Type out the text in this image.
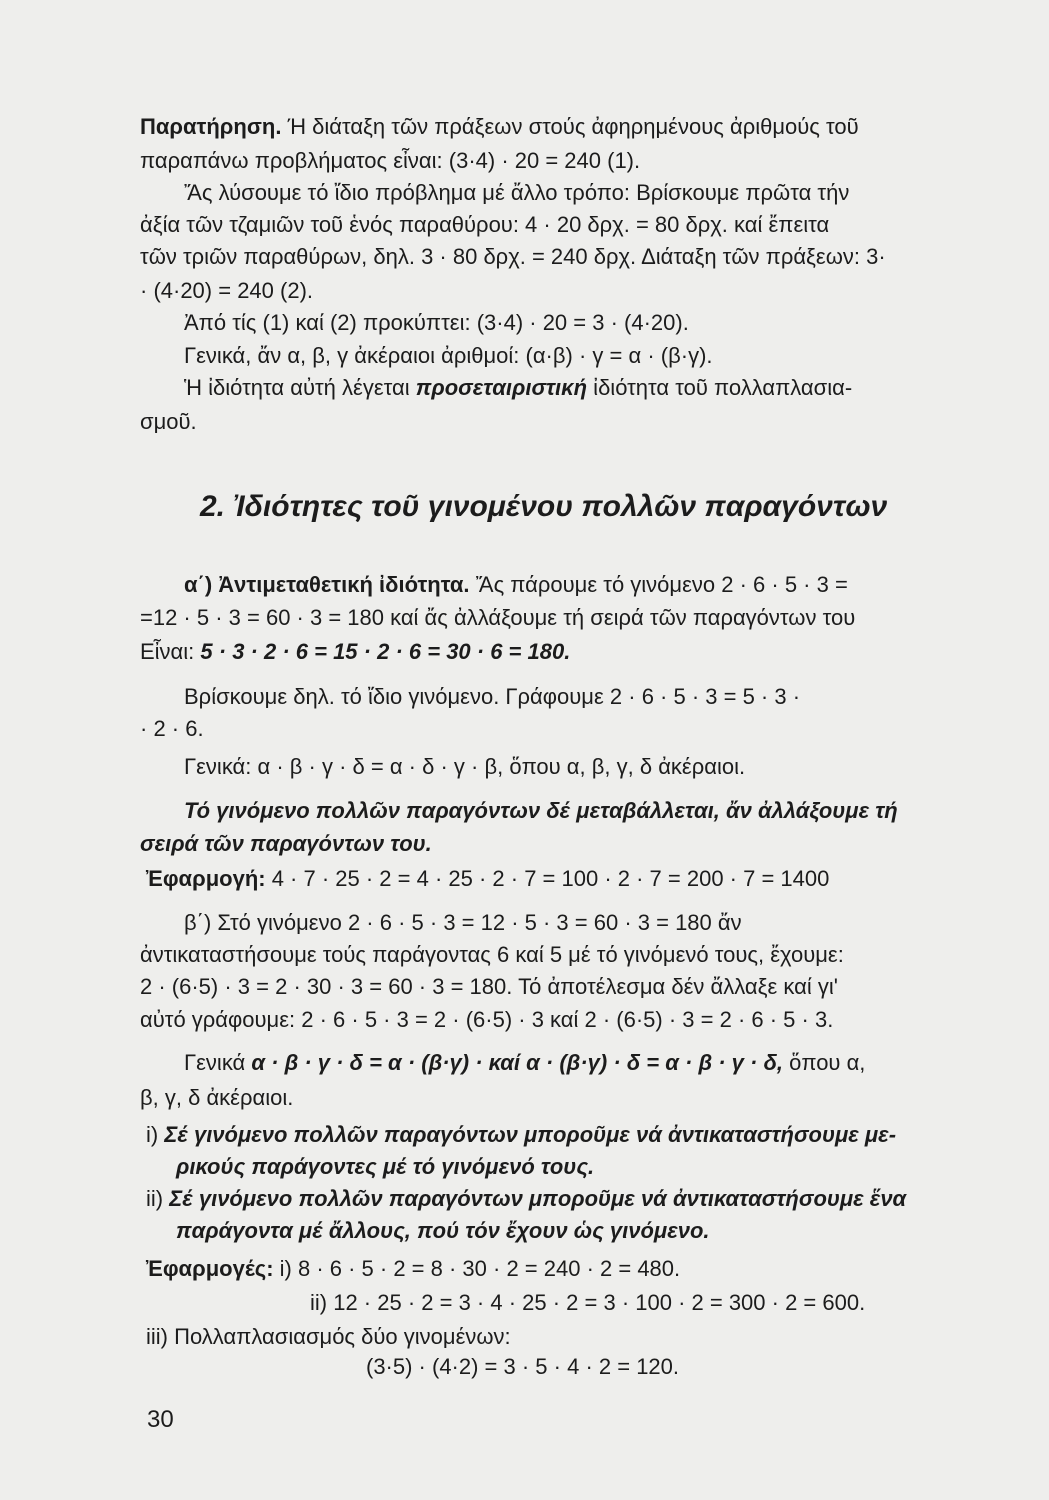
Παρατήρηση. Ή διάταξη τῶν πράξεων στούς ἀφηρημένους ἀριθμούς τοῦ
παραπάνω προβλήματος εἶναι: (3·4) · 20 = 240 (1).
Ἄς λύσουμε τό ἴδιο πρόβλημα μέ ἄλλο τρόπο: Βρίσκουμε πρῶτα τήν
ἀξία τῶν τζαμιῶν τοῦ ἑνός παραθύρου: 4 · 20 δρχ. = 80 δρχ. καί ἔπειτα
τῶν τριῶν παραθύρων, δηλ. 3 · 80 δρχ. = 240 δρχ. Διάταξη τῶν πράξεων: 3·
· (4·20) = 240 (2).
Ἀπό τίς (1) καί (2) προκύπτει: (3·4) · 20 = 3 · (4·20).
Γενικά, ἄν α, β, γ ἀκέραιοι ἀριθμοί: (α·β) · γ = α · (β·γ).
Ἡ ἰδιότητα αὐτή λέγεται προσεταιριστική ἰδιότητα τοῦ πολλαπλασια-
σμοῦ.
2. Ἰδιότητες τοῦ γινομένου πολλῶν παραγόντων
α΄) Ἀντιμεταθετική ἰδιότητα. Ἄς πάρουμε τό γινόμενο 2 · 6 · 5 · 3 =
=12 · 5 · 3 = 60 · 3 = 180 καί ἄς ἀλλάξουμε τή σειρά τῶν παραγόντων του
Εἶναι: 5 · 3 · 2 · 6 = 15 · 2 · 6 = 30 · 6 = 180.
Βρίσκουμε δηλ. τό ἴδιο γινόμενο. Γράφουμε 2 · 6 · 5 · 3 = 5 · 3 ·
· 2 · 6.
Γενικά: α · β · γ · δ = α · δ · γ · β, ὅπου α, β, γ, δ ἀκέραιοι.
Τό γινόμενο πολλῶν παραγόντων δέ μεταβάλλεται, ἄν ἀλλάξουμε τή
σειρά τῶν παραγόντων του.
Ἐφαρμογή: 4 · 7 · 25 · 2 = 4 · 25 · 2 · 7 = 100 · 2 · 7 = 200 · 7 = 1400
β΄) Στό γινόμενο 2 · 6 · 5 · 3 = 12 · 5 · 3 = 60 · 3 = 180 ἄν
ἀντικαταστήσουμε τούς παράγοντας 6 καί 5 μέ τό γινόμενό τους, ἔχουμε:
2 · (6·5) · 3 = 2 · 30 · 3 = 60 · 3 = 180. Τό ἀποτέλεσμα δέν ἄλλαξε καί γι'
αὐτό γράφουμε: 2 · 6 · 5 · 3 = 2 · (6·5) · 3 καί 2 · (6·5) · 3 = 2 · 6 · 5 · 3.
Γενικά α · β · γ · δ = α · (β·γ) · καί α · (β·γ) · δ = α · β · γ · δ, ὅπου α,
β, γ, δ ἀκέραιοι.
i) Σέ γινόμενο πολλῶν παραγόντων μποροῦμε νά ἀντικαταστήσουμε με-
ρικούς παράγοντες μέ τό γινόμενό τους.
ii) Σέ γινόμενο πολλῶν παραγόντων μποροῦμε νά ἀντικαταστήσουμε ἕνα
παράγοντα μέ ἄλλους, πού τόν ἔχουν ὡς γινόμενο.
Ἐφαρμογές: i) 8 · 6 · 5 · 2 = 8 · 30 · 2 = 240 · 2 = 480.
ii) 12 · 25 · 2 = 3 · 4 · 25 · 2 = 3 · 100 · 2 = 300 · 2 = 600.
iii) Πολλαπλασιασμός δύο γινομένων:
(3·5) · (4·2) = 3 · 5 · 4 · 2 = 120.
30
